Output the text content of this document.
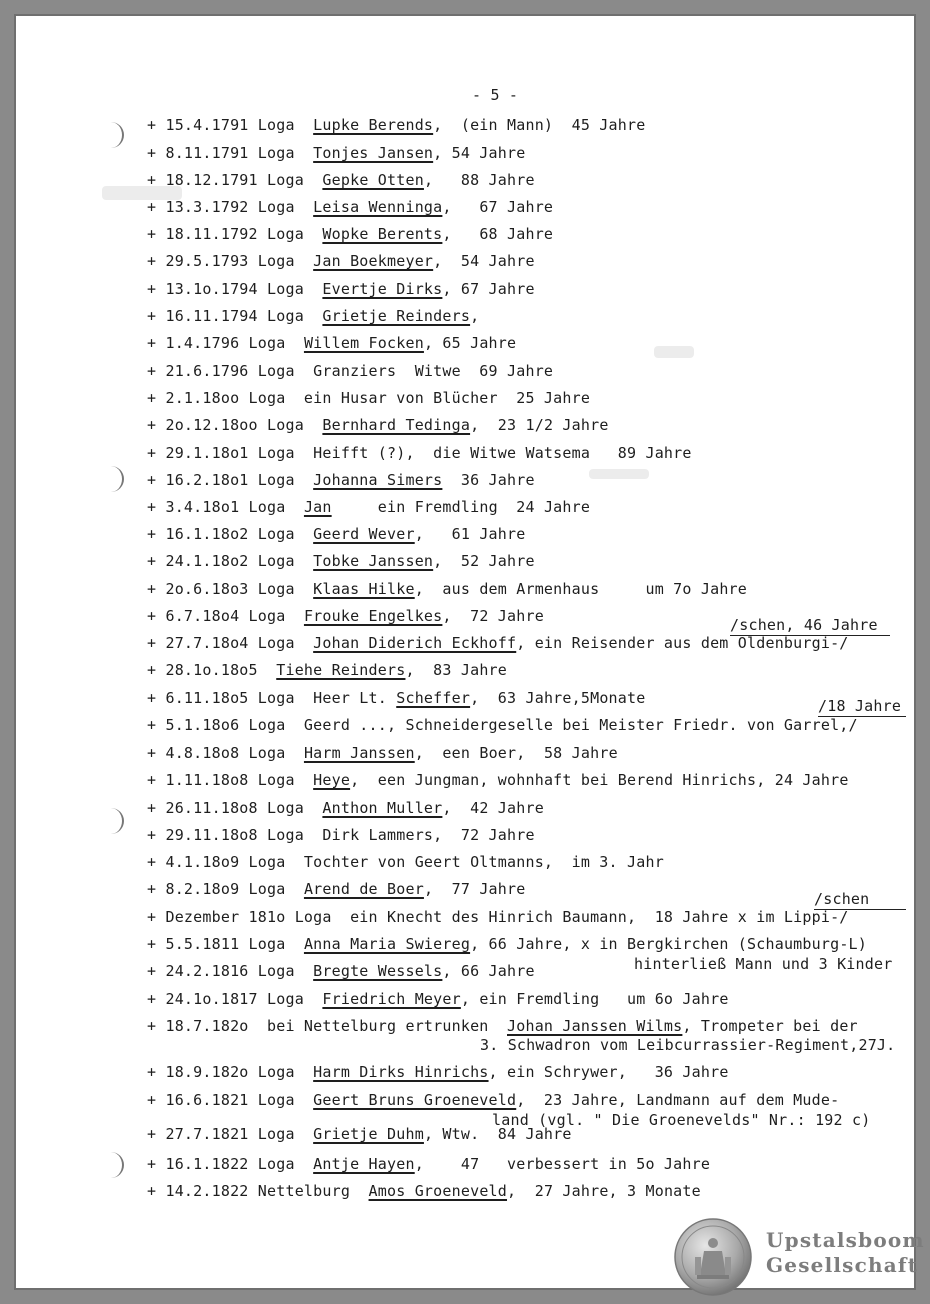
- 5 -
+ 15.4.1791 Loga  Lupke Berends,  (ein Mann)  45 Jahre
+ 8.11.1791 Loga  Tonjes Jansen, 54 Jahre
+ 18.12.1791 Loga  Gepke Otten,   88 Jahre
+ 13.3.1792 Loga  Leisa Wenninga,   67 Jahre
+ 18.11.1792 Loga  Wopke Berents,   68 Jahre
+ 29.5.1793 Loga  Jan Boekmeyer,  54 Jahre
+ 13.1o.1794 Loga  Evertje Dirks, 67 Jahre
+ 16.11.1794 Loga  Grietje Reinders,
+ 1.4.1796 Loga  Willem Focken, 65 Jahre
+ 21.6.1796 Loga  Granziers  Witwe  69 Jahre
+ 2.1.18oo Loga  ein Husar von Blücher  25 Jahre
+ 2o.12.18oo Loga  Bernhard Tedinga,  23 1/2 Jahre
+ 29.1.18o1 Loga  Heifft (?),  die Witwe Watsema   89 Jahre
+ 16.2.18o1 Loga  Johanna Simers  36 Jahre
+ 3.4.18o1 Loga  Jan     ein Fremdling  24 Jahre
+ 16.1.18o2 Loga  Geerd Wever,   61 Jahre
+ 24.1.18o2 Loga  Tobke Janssen,  52 Jahre
+ 2o.6.18o3 Loga  Klaas Hilke,  aus dem Armenhaus     um 7o Jahre
+ 6.7.18o4 Loga  Frouke Engelkes,  72 Jahre
+ 27.7.18o4 Loga  Johan Diderich Eckhoff, ein Reisender aus dem Oldenburgi-/
+ 28.1o.18o5  Tiehe Reinders,  83 Jahre
+ 6.11.18o5 Loga  Heer Lt. Scheffer,  63 Jahre,5Monate
+ 5.1.18o6 Loga  Geerd ..., Schneidergeselle bei Meister Friedr. von Garrel,/
+ 4.8.18o8 Loga  Harm Janssen,  een Boer,  58 Jahre
+ 1.11.18o8 Loga  Heye,  een Jungman, wohnhaft bei Berend Hinrichs, 24 Jahre
+ 26.11.18o8 Loga  Anthon Muller,  42 Jahre
+ 29.11.18o8 Loga  Dirk Lammers,  72 Jahre
+ 4.1.18o9 Loga  Tochter von Geert Oltmanns,  im 3. Jahr
+ 8.2.18o9 Loga  Arend de Boer,  77 Jahre
+ Dezember 181o Loga  ein Knecht des Hinrich Baumann,  18 Jahre x im Lippi-/
+ 5.5.1811 Loga  Anna Maria Swiereg, 66 Jahre, x in Bergkirchen (Schaumburg-L)
+ 24.2.1816 Loga  Bregte Wessels, 66 Jahre
+ 24.1o.1817 Loga  Friedrich Meyer, ein Fremdling   um 6o Jahre
+ 18.7.182o  bei Nettelburg ertrunken  Johan Janssen Wilms, Trompeter bei der
+ 18.9.182o Loga  Harm Dirks Hinrichs, ein Schrywer,   36 Jahre
+ 16.6.1821 Loga  Geert Bruns Groeneveld,  23 Jahre, Landmann auf dem Mude-
+ 27.7.1821 Loga  Grietje Duhm, Wtw.  84 Jahre
+ 16.1.1822 Loga  Antje Hayen,    47   verbessert in 5o Jahre
+ 14.2.1822 Nettelburg  Amos Groeneveld,  27 Jahre, 3 Monate
3. Schwadron vom Leibcurrassier-Regiment,27J.
hinterließ Mann und 3 Kinder
land (vgl. " Die Groenevelds" Nr.: 192 c)
/schen, 46 Jahre
/18 Jahre
/schen
Upstalsboom
Gesellschaft
